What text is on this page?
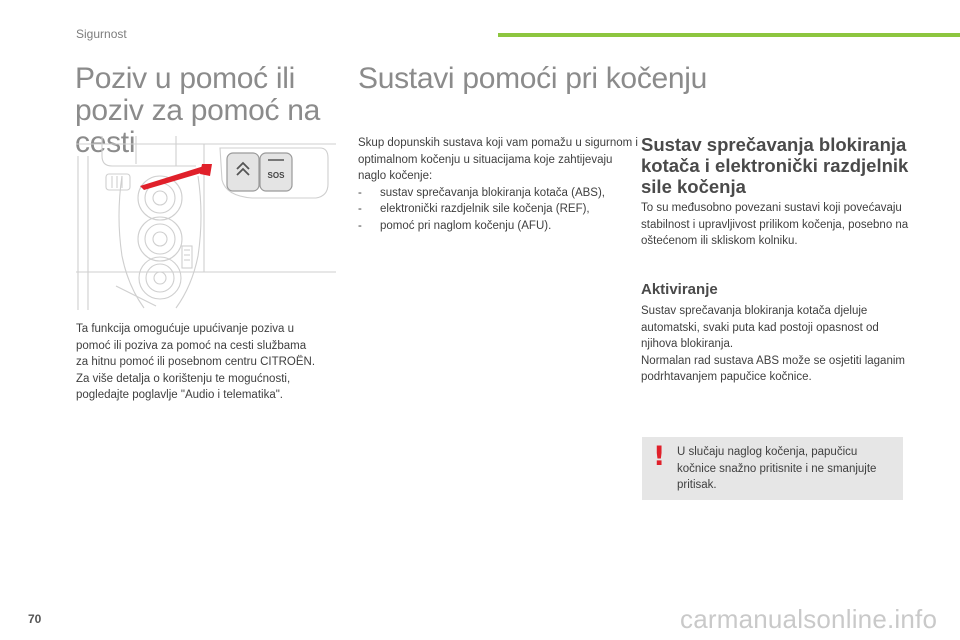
Sigurnost
Poziv u pomoć ili poziv za pomoć na cesti
Sustavi pomoći pri kočenju
SOS
Ta funkcija omogućuje upućivanje poziva u
pomoć ili poziva za pomoć na cesti službama
za hitnu pomoć ili posebnom centru CITROËN.
Za više detalja o korištenju te mogućnosti,
pogledajte poglavlje "Audio i telematika".
Skup dopunskih sustava koji vam pomažu u sigurnom i optimalnom kočenju u situacijama koje zahtijevaju naglo kočenje:
- sustav sprečavanja blokiranja kotača (ABS),
- elektronički razdjelnik sile kočenja (REF),
- pomoć pri naglom kočenju (AFU).
Sustav sprečavanja blokiranja kotača i elektronički razdjelnik sile kočenja
To su međusobno povezani sustavi koji povećavaju stabilnost i upravljivost prilikom kočenja, posebno na oštećenom ili skliskom kolniku.
Aktiviranje
Sustav sprečavanja blokiranja kotača djeluje automatski, svaki puta kad postoji opasnost od njihova blokiranja.
Normalan rad sustava ABS može se osjetiti laganim podrhtavanjem papučice kočnice.
! U slučaju naglog kočenja, papučicu kočnice snažno pritisnite i ne smanjujte pritisak.
70	carmanualsonline.info
